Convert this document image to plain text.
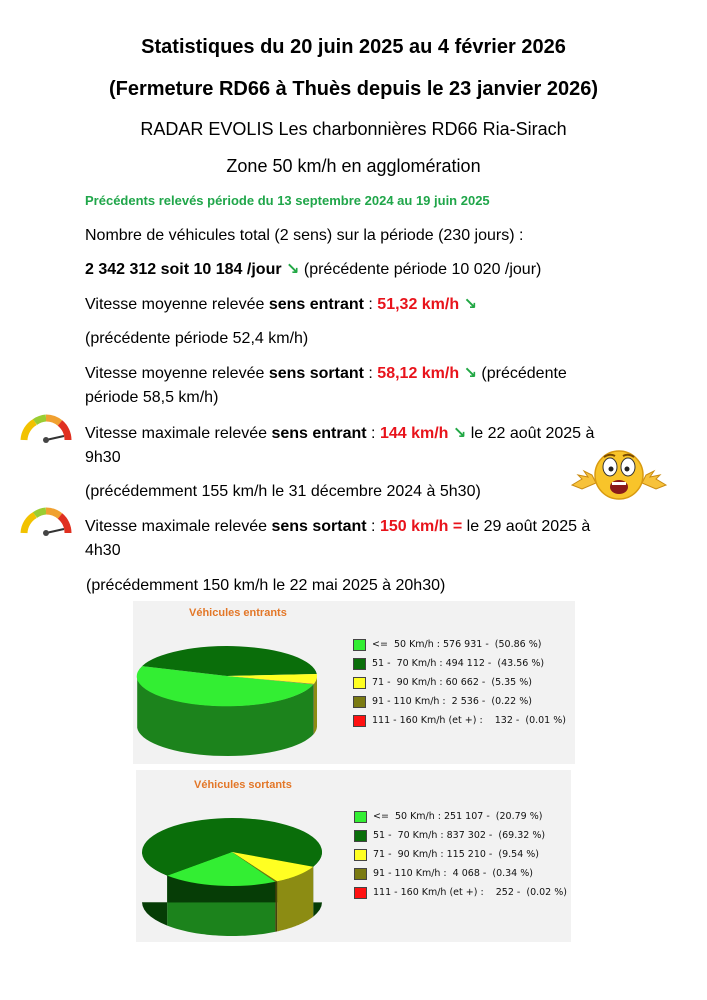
Statistiques du 20 juin 2025 au 4 février 2026
(Fermeture RD66 à Thuès depuis le 23 janvier 2026)
RADAR EVOLIS Les charbonnières RD66 Ria-Sirach
Zone 50 km/h en agglomération
Précédents relevés période du 13 septembre 2024 au 19 juin 2025
Nombre de véhicules total (2 sens) sur la période (230 jours) :
2 342 312 soit 10 184 /jour ↘ (précédente période 10 020 /jour)
Vitesse moyenne relevée sens entrant : 51,32 km/h ↘
(précédente période 52,4 km/h)
Vitesse moyenne relevée sens sortant : 58,12 km/h ↘ (précédente
période 58,5 km/h)
Vitesse maximale relevée sens entrant : 144 km/h ↘ le 22 août 2025 à
9h30
(précédemment 155 km/h le 31 décembre 2024 à 5h30)
Vitesse maximale relevée sens sortant : 150 km/h = le 29 août 2025 à
4h30
(précédemment 150 km/h le 22 mai 2025 à 20h30)
Véhicules entrants
<=  50 Km/h : 576 931 -  (50.86 %)
51 -  70 Km/h : 494 112 -  (43.56 %)
71 -  90 Km/h : 60 662 -  (5.35 %)
91 - 110 Km/h :  2 536 -  (0.22 %)
111 - 160 Km/h (et +) :    132 -  (0.01 %)
Véhicules sortants
<=  50 Km/h : 251 107 -  (20.79 %)
51 -  70 Km/h : 837 302 -  (69.32 %)
71 -  90 Km/h : 115 210 -  (9.54 %)
91 - 110 Km/h :  4 068 -  (0.34 %)
111 - 160 Km/h (et +) :    252 -  (0.02 %)
